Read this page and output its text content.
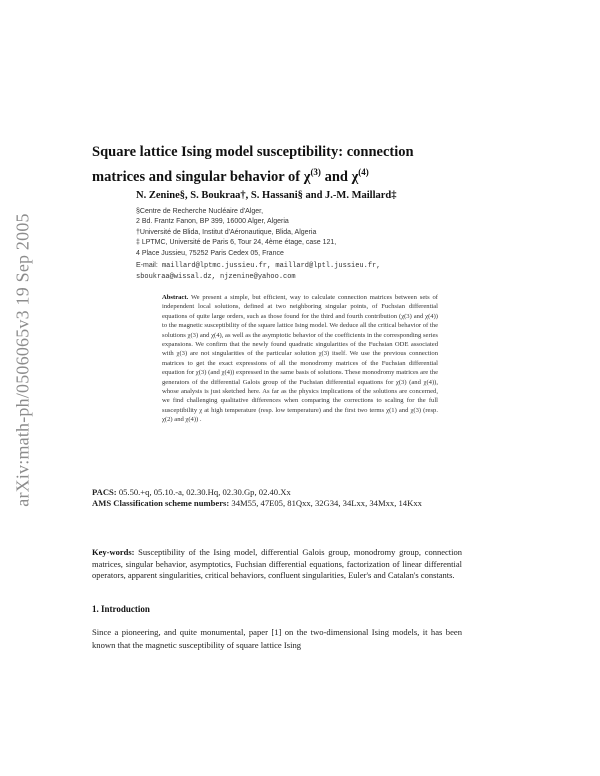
arXiv:math-ph/0506065v3 19 Sep 2005
Square lattice Ising model susceptibility: connection
matrices and singular behavior of $\chi^{(3)}$ and $\chi^{(4)}$
N. Zenine§, S. Boukraa†, S. Hassani§ and J.-M. Maillard‡
§Centre de Recherche Nucléaire d'Alger,
2 Bd. Frantz Fanon, BP 399, 16000 Alger, Algeria
†Université de Blida, Institut d'Aéronautique, Blida, Algeria
‡ LPTMC, Université de Paris 6, Tour 24, 4ème étage, case 121,
4 Place Jussieu, 75252 Paris Cedex 05, France
E-mail: maillard@lptmc.jussieu.fr, maillard@lptl.jussieu.fr,
sboukraa@wissal.dz, njzenine@yahoo.com
Abstract. We present a simple, but efficient, way to calculate connection matrices between sets of independent local solutions, defined at two neighboring singular points, of Fuchsian differential equations of quite large orders, such as those found for the third and fourth contribution (χ(3) and χ(4)) to the magnetic susceptibility of the square lattice Ising model. We deduce all the critical behavior of the solutions χ(3) and χ(4), as well as the asymptotic behavior of the coefficients in the corresponding series expansions. We confirm that the newly found quadratic singularities of the Fuchsian ODE associated with χ(3) are not singularities of the particular solution χ(3) itself. We use the previous connection matrices to get the exact expressions of all the monodromy matrices of the Fuchsian differential equation for χ(3) (and χ(4)) expressed in the same basis of solutions. These monodromy matrices are the generators of the differential Galois group of the Fuchsian differential equations for χ(3) (and χ(4)), whose analysis is just sketched here. As far as the physics implications of the solutions are concerned, we find challenging qualitative differences when comparing the corrections to scaling for the full susceptibility χ at high temperature (resp. low temperature) and the first two terms χ(1) and χ(3) (resp. χ(2) and χ(4)) .
PACS: 05.50.+q, 05.10.-a, 02.30.Hq, 02.30.Gp, 02.40.Xx
AMS Classification scheme numbers: 34M55, 47E05, 81Qxx, 32G34, 34Lxx, 34Mxx, 14Kxx
Key-words: Susceptibility of the Ising model, differential Galois group, monodromy group, connection matrices, singular behavior, asymptotics, Fuchsian differential equations, factorization of linear differential operators, apparent singularities, critical behaviors, confluent singularities, Euler's and Catalan's constants.
1. Introduction
Since a pioneering, and quite monumental, paper [1] on the two-dimensional Ising models, it has been known that the magnetic susceptibility of square lattice Ising
